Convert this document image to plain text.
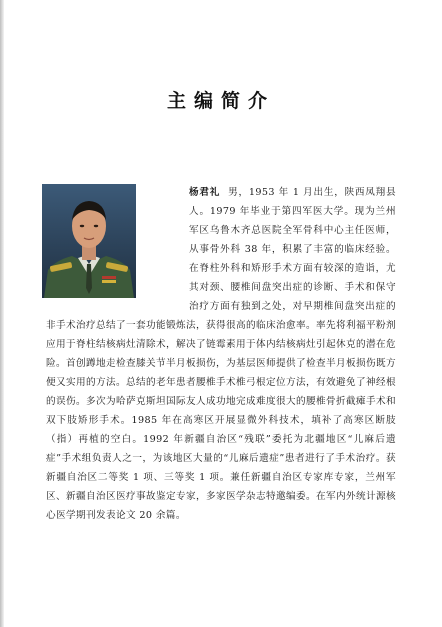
主编简介
杨君礼 男，1953 年 1 月出生，陕西凤翔县人。1979 年毕业于第四军医大学。现为兰州军区乌鲁木齐总医院全军骨科中心主任医师，从事骨外科 38 年，积累了丰富的临床经验。在脊柱外科和矫形手术方面有较深的造诣，尤其对颈、腰椎间盘突出症的诊断、手术和保守治疗方面有独到之处，对早期椎间盘突出症的非手术治疗总结了一套功能锻炼法，获得很高的临床治愈率。率先将利福平粉剂应用于脊柱结核病灶清除术，解决了链霉素用于体内结核病灶引起休克的潜在危险。首创蹲地走检查膝关节半月板损伤，为基层医师提供了检查半月板损伤既方便又实用的方法。总结的老年患者腰椎手术椎弓根定位方法，有效避免了神经根的误伤。多次为哈萨克斯坦国际友人成功地完成难度很大的腰椎骨折截瘫手术和双下肢矫形手术。1985 年在高寒区开展显微外科技术，填补了高寒区断肢（指）再植的空白。1992 年新疆自治区“残联”委托为北疆地区“儿麻后遗症”手术组负责人之一，为该地区大量的“儿麻后遗症”患者进行了手术治疗。获新疆自治区二等奖 1 项、三等奖 1 项。兼任新疆自治区专家库专家，兰州军区、新疆自治区医疗事故鉴定专家，多家医学杂志特邀编委。在军内外统计源核心医学期刊发表论文 20 余篇。
